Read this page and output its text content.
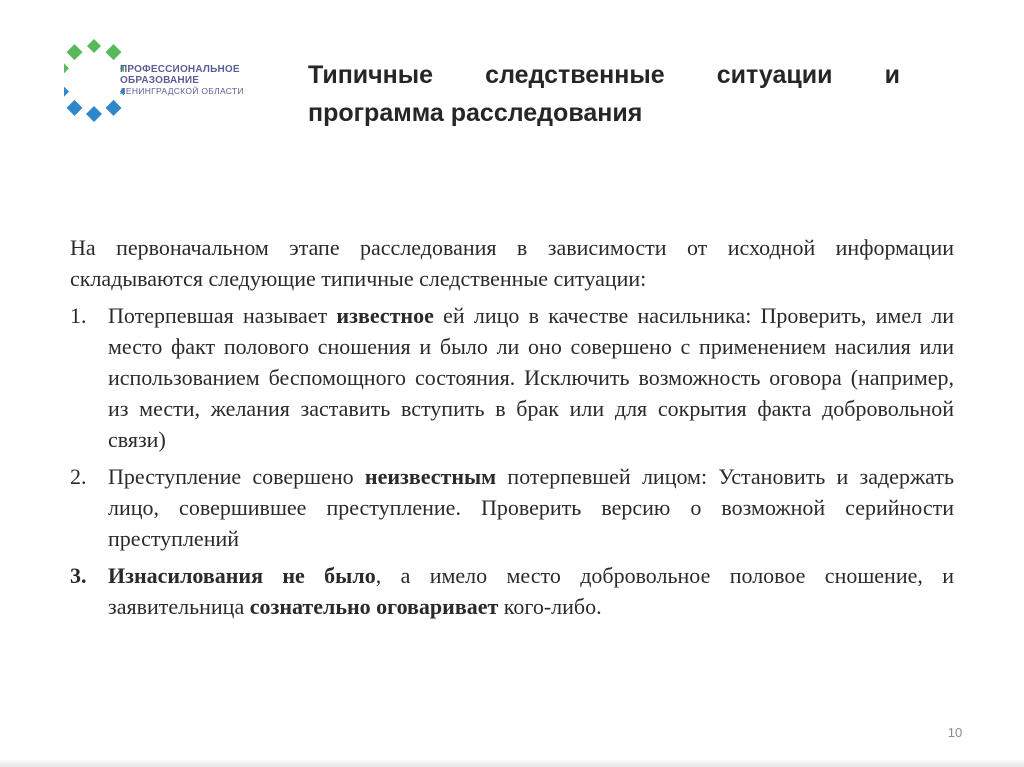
ПРОФЕССИОНАЛЬНОЕ
ОБРАЗОВАНИЕ
ЛЕНИНГРАДСКОЙ ОБЛАСТИ
Типичные следственные ситуации и
программа расследования

На первоначальном этапе расследования в зависимости от исходной информации складываются следующие типичные следственные ситуации:

1. Потерпевшая называет известное ей лицо в качестве насильника: Проверить, имел ли место факт полового сношения и было ли оно совершено с применением насилия или использованием беспомощного состояния. Исключить возможность оговора (например, из мести, желания заставить вступить в брак или для сокрытия факта добровольной связи)
2. Преступление совершено неизвестным потерпевшей лицом: Установить и задержать лицо, совершившее преступление. Проверить версию о возможной серийности преступлений
3. Изнасилования не было, а имело место добровольное половое сношение, и заявительница сознательно оговаривает кого-либо.
10
